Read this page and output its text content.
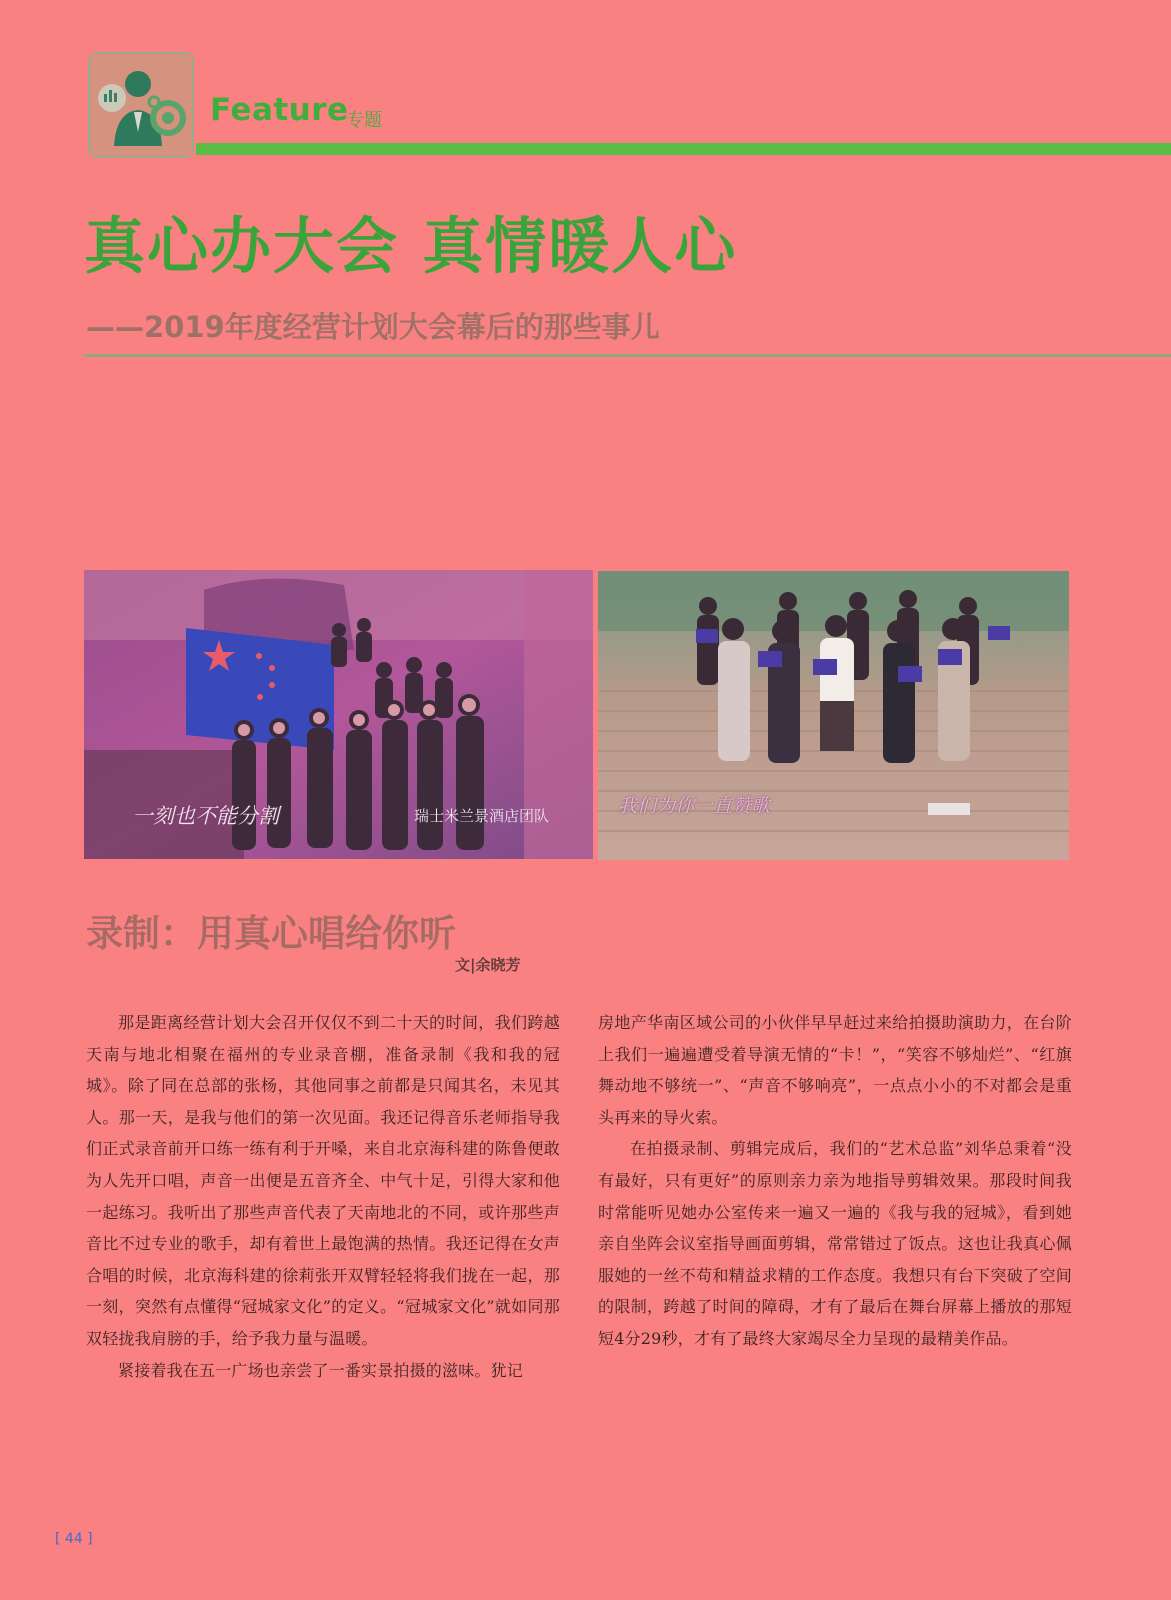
Feature
专题
真心办大会 真情暖人心
——2019年度经营计划大会幕后的那些事儿
一刻也不能分割	瑞士米兰景酒店团队	我们为你一直赞歌
录制：用真心唱给你听
文|余晓芳

那是距离经营计划大会召开仅仅不到二十天的时间，我们跨越天南与地北相聚在福州的专业录音棚，准备录制《我和我的冠城》。除了同在总部的张杨，其他同事之前都是只闻其名，未见其人。那一天，是我与他们的第一次见面。我还记得音乐老师指导我们正式录音前开口练一练有利于开嗓，来自北京海科建的陈鲁便敢为人先开口唱，声音一出便是五音齐全、中气十足，引得大家和他一起练习。我听出了那些声音代表了天南地北的不同，或许那些声音比不过专业的歌手，却有着世上最饱满的热情。我还记得在女声合唱的时候，北京海科建的徐莉张开双臂轻轻将我们拢在一起，那一刻，突然有点懂得“冠城家文化”的定义。“冠城家文化”就如同那双轻拢我肩膀的手，给予我力量与温暖。

紧接着我在五一广场也亲尝了一番实景拍摄的滋味。犹记

房地产华南区域公司的小伙伴早早赶过来给拍摄助演助力，在台阶上我们一遍遍遭受着导演无情的“卡！”，“笑容不够灿烂”、“红旗舞动地不够统一”、“声音不够响亮”，一点点小小的不对都会是重头再来的导火索。

在拍摄录制、剪辑完成后，我们的“艺术总监”刘华总秉着“没有最好，只有更好”的原则亲力亲为地指导剪辑效果。那段时间我时常能听见她办公室传来一遍又一遍的《我与我的冠城》，看到她亲自坐阵会议室指导画面剪辑，常常错过了饭点。这也让我真心佩服她的一丝不苟和精益求精的工作态度。我想只有台下突破了空间的限制，跨越了时间的障碍，才有了最后在舞台屏幕上播放的那短短4分29秒，才有了最终大家竭尽全力呈现的最精美作品。

[ 44 ]
